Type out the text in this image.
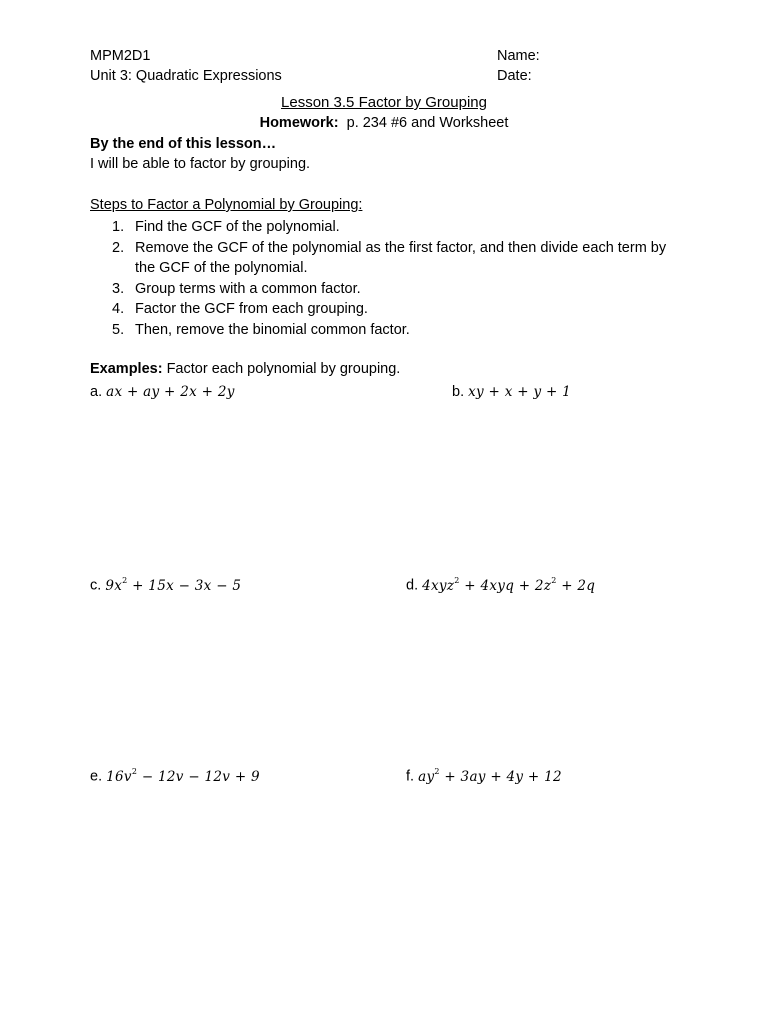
MPM2D1
Unit 3: Quadratic Expressions
Name:
Date:
Lesson 3.5 Factor by Grouping
Homework: p. 234 #6 and Worksheet
By the end of this lesson…
I will be able to factor by grouping.
Steps to Factor a Polynomial by Grouping:
1. Find the GCF of the polynomial.
2. Remove the GCF of the polynomial as the first factor, and then divide each term by the GCF of the polynomial.
3. Group terms with a common factor.
4. Factor the GCF from each grouping.
5. Then, remove the binomial common factor.
Examples: Factor each polynomial by grouping.
a. ax + ay + 2x + 2y	b. xy + x + y + 1
c. $9x^2 + 15x - 3x - 5$	d. $4xyz^2 + 4xyq + 2z^2 + 2q$
e. $16v^2 - 12v - 12v + 9$	f. $ay^2 + 3ay + 4y + 12$
